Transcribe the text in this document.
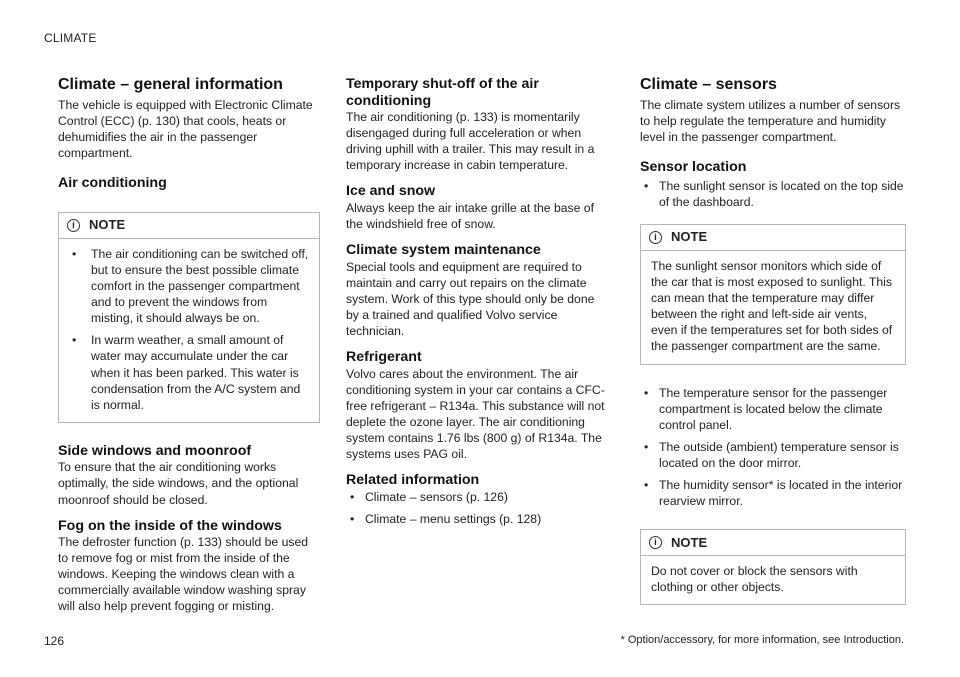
CLIMATE
Climate – general information

The vehicle is equipped with Electronic Climate Control (ECC) (p. 130) that cools, heats or dehumidifies the air in the passenger compartment.

Air conditioning
i	NOTE
• The air conditioning can be switched off, but to ensure the best possible climate comfort in the passenger compartment and to prevent the windows from misting, it should always be on.
• In warm weather, a small amount of water may accumulate under the car when it has been parked. This water is condensation from the A/C system and is normal.
Side windows and moonroof

To ensure that the air conditioning works optimally, the side windows, and the optional moonroof should be closed.

Fog on the inside of the windows

The defroster function (p. 133) should be used to remove fog or mist from the inside of the windows. Keeping the windows clean with a commercially available window washing spray will also help prevent fogging or misting.

Temporary shut-off of the air conditioning

The air conditioning (p. 133) is momentarily disengaged during full acceleration or when driving uphill with a trailer. This may result in a temporary increase in cabin temperature.

Ice and snow

Always keep the air intake grille at the base of the windshield free of snow.

Climate system maintenance

Special tools and equipment are required to maintain and carry out repairs on the climate system. Work of this type should only be done by a trained and qualified Volvo service technician.

Refrigerant

Volvo cares about the environment. The air conditioning system in your car contains a CFC-free refrigerant – R134a. This substance will not deplete the ozone layer. The air conditioning system contains 1.76 lbs (800 g) of R134a. The systems uses PAG oil.

Related information
• Climate – sensors (p. 126)
• Climate – menu settings (p. 128)
Climate – sensors

The climate system utilizes a number of sensors to help regulate the temperature and humidity level in the passenger compartment.

Sensor location
• The sunlight sensor is located on the top side of the dashboard.
i	NOTE

The sunlight sensor monitors which side of the car that is most exposed to sunlight. This can mean that the temperature may differ between the right and left-side air vents, even if the temperatures set for both sides of the passenger compartment are the same.

• The temperature sensor for the passenger compartment is located below the climate control panel.
• The outside (ambient) temperature sensor is located on the door mirror.
• The humidity sensor* is located in the interior rearview mirror.
i	NOTE

Do not cover or block the sensors with clothing or other objects.

126	* Option/accessory, for more information, see Introduction.
